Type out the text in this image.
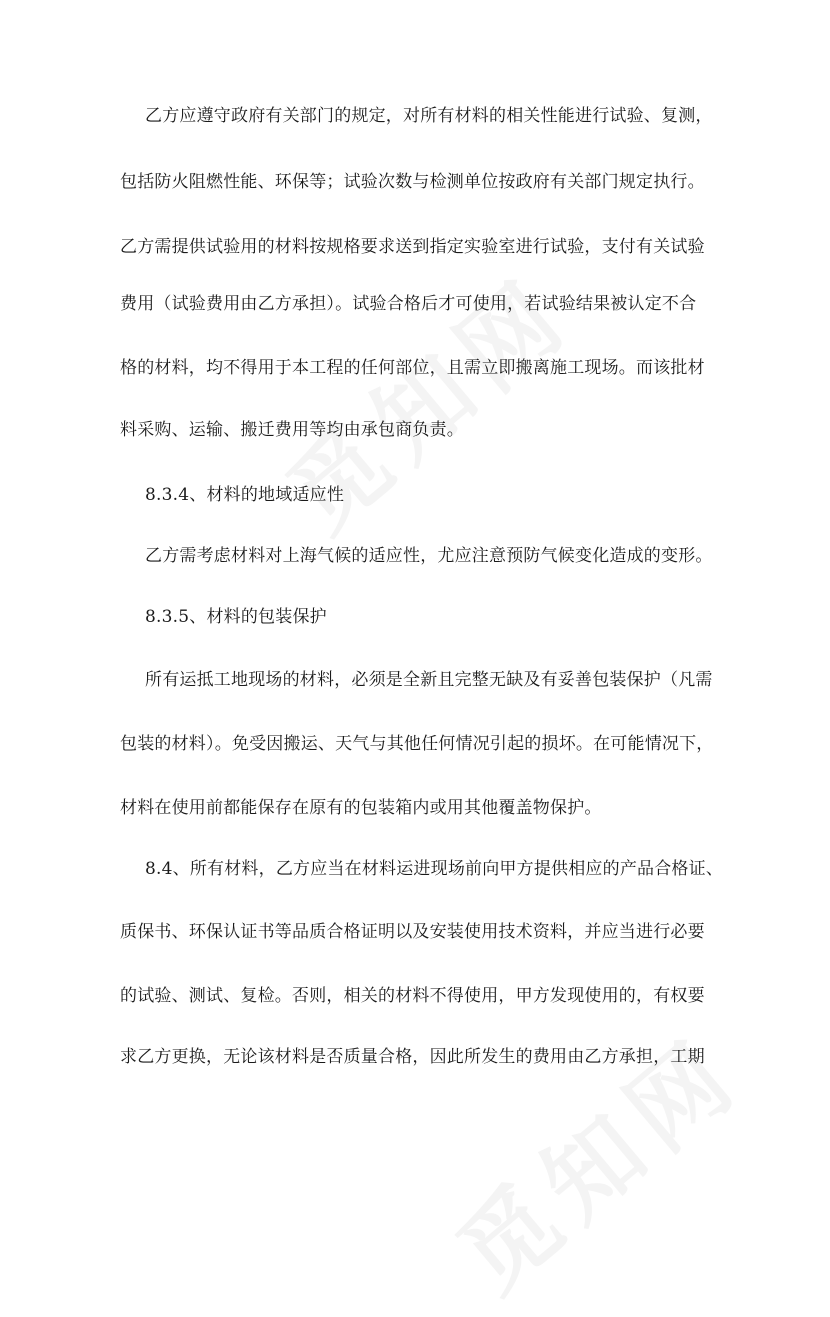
乙方应遵守政府有关部门的规定，对所有材料的相关性能进行试验、复测，
包括防火阻燃性能、环保等；试验次数与检测单位按政府有关部门规定执行。
乙方需提供试验用的材料按规格要求送到指定实验室进行试验，支付有关试验
费用（试验费用由乙方承担）。试验合格后才可使用，若试验结果被认定不合
格的材料，均不得用于本工程的任何部位，且需立即搬离施工现场。而该批材
料采购、运输、搬迁费用等均由承包商负责。
8.3.4、材料的地域适应性
乙方需考虑材料对上海气候的适应性，尤应注意预防气候变化造成的变形。
8.3.5、材料的包装保护
所有运抵工地现场的材料，必须是全新且完整无缺及有妥善包装保护（凡需
包装的材料）。免受因搬运、天气与其他任何情况引起的损坏。在可能情况下，
材料在使用前都能保存在原有的包装箱内或用其他覆盖物保护。
8.4、所有材料，乙方应当在材料运进现场前向甲方提供相应的产品合格证、
质保书、环保认证书等品质合格证明以及安装使用技术资料，并应当进行必要
的试验、测试、复检。否则，相关的材料不得使用，甲方发现使用的，有权要
求乙方更换，无论该材料是否质量合格，因此所发生的费用由乙方承担，工期
